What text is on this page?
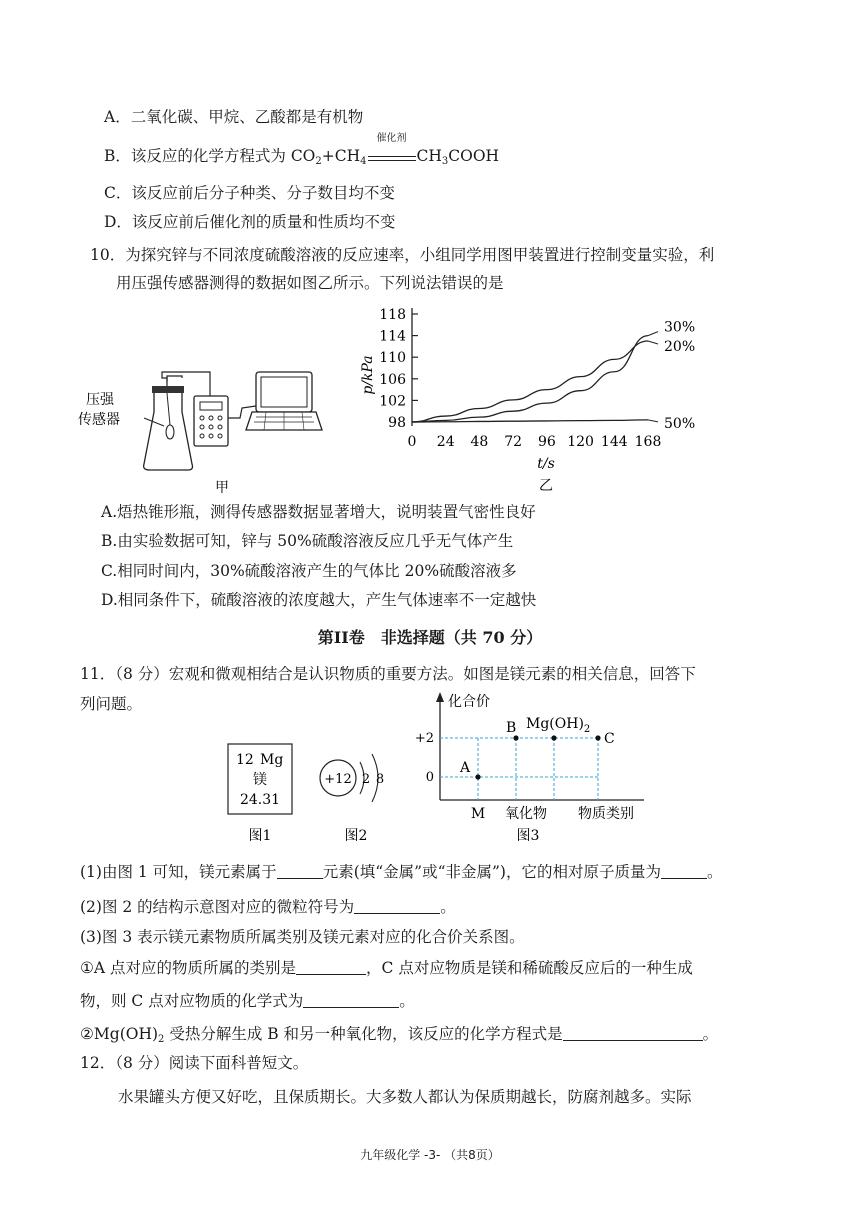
A．二氧化碳、甲烷、乙酸都是有机物
B．该反应的化学方程式为 $CO_2+CH_4$
催化剂
$CH_3COOH$
C．该反应前后分子种类、分子数目均不变
D．该反应前后催化剂的质量和性质均不变
10．为探究锌与不同浓度硫酸溶液的反应速率，小组同学用图甲装置进行控制变量实验，利
用压强传感器测得的数据如图乙所示。下列说法错误的是
压强
传感器
甲
98
102
106
110
114
118
0 24 48 72 96 120 144 168
30%
20%
50%
p/kPa
t/s
乙
A.焐热锥形瓶，测得传感器数据显著增大，说明装置气密性良好
B.由实验数据可知，锌与 50%硫酸溶液反应几乎无气体产生
C.相同时间内，30%硫酸溶液产生的气体比 20%硫酸溶液多
D.相同条件下，硫酸溶液的浓度越大，产生气体速率不一定越快
第II卷 非选择题（共 70 分）
11．（8 分）宏观和微观相结合是认识物质的重要方法。如图是镁元素的相关信息，回答下
列问题。
12 Mg
镁
24.31
图1
+12 2 8
图2
化合价
+2
0
A
B $Mg(OH)_2$
C
M 氧化物 物质类别
图3
(1)由图 1 可知，镁元素属于	元素(填“金属”或“非金属”)，它的相对原子质量为	。
(2)图 2 的结构示意图对应的微粒符号为	。
(3)图 3 表示镁元素物质所属类别及镁元素对应的化合价关系图。
①A 点对应的物质所属的类别是	，C 点对应物质是镁和稀硫酸反应后的一种生成
物，则 C 点对应物质的化学式为	。
$②Mg(OH)_2$ 受热分解生成 B 和另一种氧化物，该反应的化学方程式是	。
12．（8 分）阅读下面科普短文。
水果罐头方便又好吃，且保质期长。大多数人都认为保质期越长，防腐剂越多。实际
九年级化学 -3- （共8页）
